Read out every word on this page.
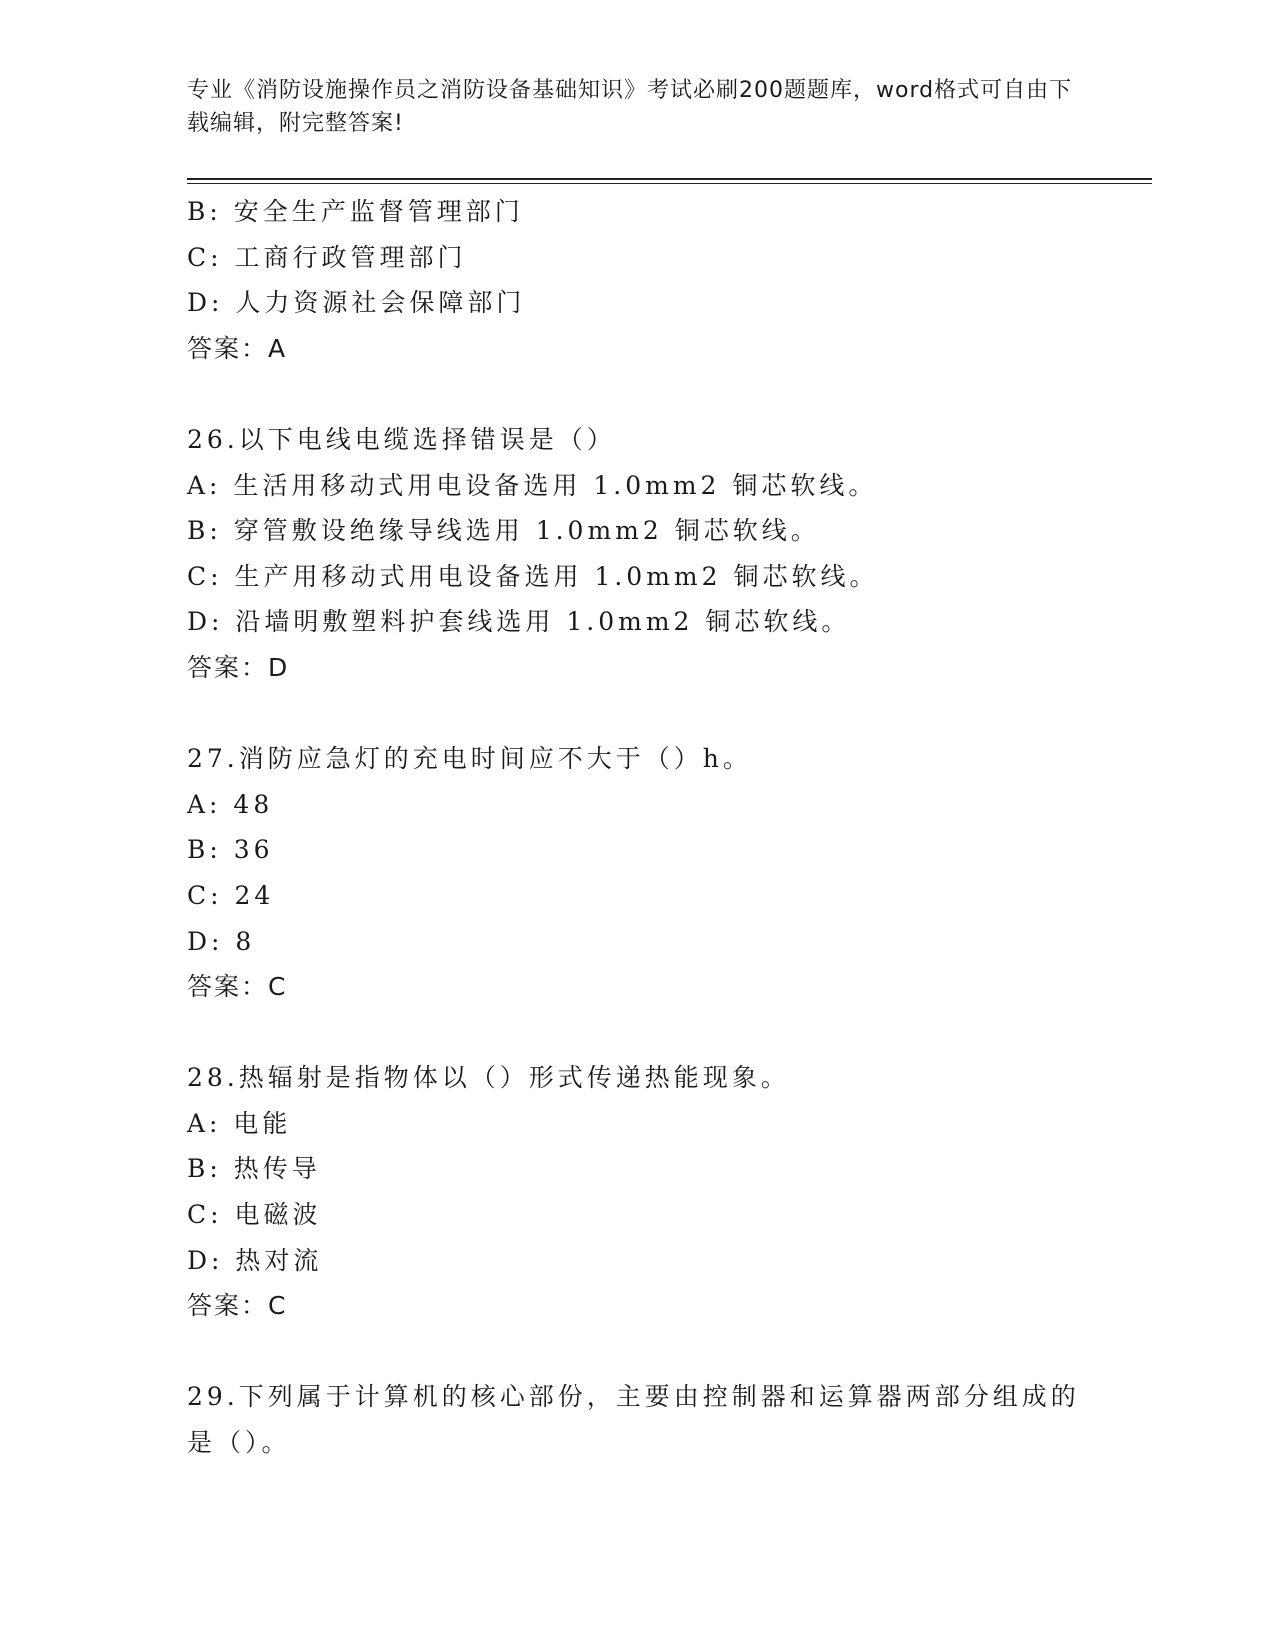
专业《消防设施操作员之消防设备基础知识》考试必刷200题题库，word格式可自由下载编辑，附完整答案!
B: 安全生产监督管理部门
C: 工商行政管理部门
D: 人力资源社会保障部门
答案：A
26.以下电线电缆选择错误是（）
A: 生活用移动式用电设备选用 1.0mm2 铜芯软线。
B: 穿管敷设绝缘导线选用 1.0mm2 铜芯软线。
C: 生产用移动式用电设备选用 1.0mm2 铜芯软线。
D: 沿墙明敷塑料护套线选用 1.0mm2 铜芯软线。
答案：D
27.消防应急灯的充电时间应不大于（）h。
A: 48
B: 36
C: 24
D: 8
答案：C
28.热辐射是指物体以（）形式传递热能现象。
A: 电能
B: 热传导
C: 电磁波
D: 热对流
答案：C
29.下列属于计算机的核心部份，主要由控制器和运算器两部分组成的是（）。
